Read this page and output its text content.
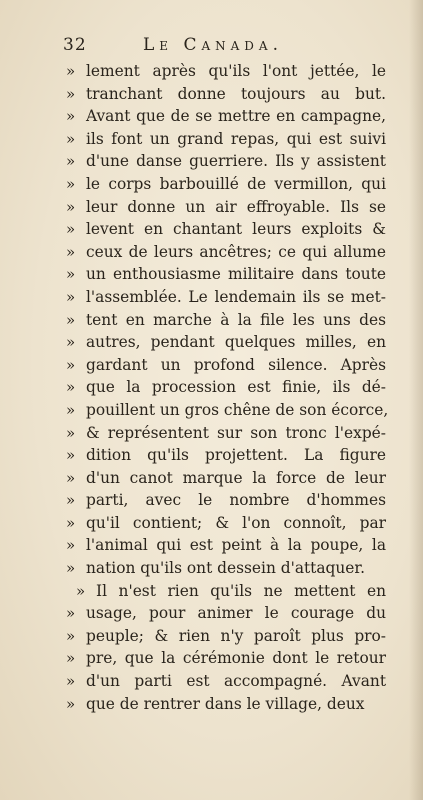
32	Le Canada.
» lement après qu'ils l'ont jettée, le
» tranchant donne toujours au but.
» Avant que de se mettre en campagne,
» ils font un grand repas, qui est suivi
» d'une danse guerriere. Ils y assistent
» le corps barbouillé de vermillon, qui
» leur donne un air effroyable. Ils se
» levent en chantant leurs exploits &
» ceux de leurs ancêtres; ce qui allume
» un enthousiasme militaire dans toute
» l'assemblée. Le lendemain ils se met-
» tent en marche à la file les uns des
» autres, pendant quelques milles, en
» gardant un profond silence. Après
» que la procession est finie, ils dé-
» pouillent un gros chêne de son écorce,
» & représentent sur son tronc l'expé-
» dition qu'ils projettent. La figure
» d'un canot marque la force de leur
» parti, avec le nombre d'hommes
» qu'il contient; & l'on connoît, par
» l'animal qui est peint à la poupe, la
» nation qu'ils ont dessein d'attaquer.
» Il n'est rien qu'ils ne mettent en
» usage, pour animer le courage du
» peuple; & rien n'y paroît plus pro-
» pre, que la cérémonie dont le retour
» d'un parti est accompagné. Avant
» que de rentrer dans le village, deux
